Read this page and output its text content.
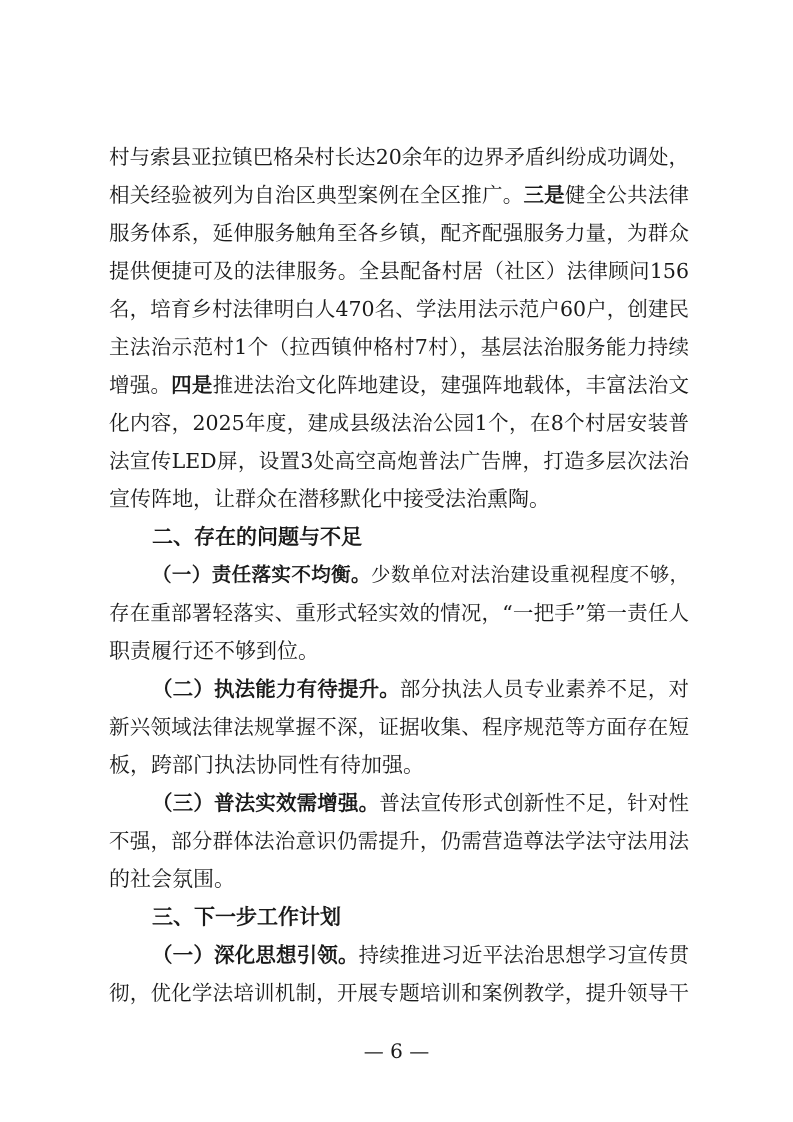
村与索县亚拉镇巴格朵村长达20余年的边界矛盾纠纷成功调处，
相关经验被列为自治区典型案例在全区推广。三是健全公共法律
服务体系，延伸服务触角至各乡镇，配齐配强服务力量，为群众
提供便捷可及的法律服务。全县配备村居（社区）法律顾问156
名，培育乡村法律明白人470名、学法用法示范户60户，创建民
主法治示范村1个（拉西镇仲格村7村），基层法治服务能力持续
增强。四是推进法治文化阵地建设，建强阵地载体，丰富法治文
化内容，2025年度，建成县级法治公园1个，在8个村居安装普
法宣传LED屏，设置3处高空高炮普法广告牌，打造多层次法治
宣传阵地，让群众在潜移默化中接受法治熏陶。
二、存在的问题与不足
（一）责任落实不均衡。少数单位对法治建设重视程度不够，
存在重部署轻落实、重形式轻实效的情况，“一把手”第一责任人
职责履行还不够到位。
（二）执法能力有待提升。部分执法人员专业素养不足，对
新兴领域法律法规掌握不深，证据收集、程序规范等方面存在短
板，跨部门执法协同性有待加强。
（三）普法实效需增强。普法宣传形式创新性不足，针对性
不强，部分群体法治意识仍需提升，仍需营造尊法学法守法用法
的社会氛围。
三、下一步工作计划
（一）深化思想引领。持续推进习近平法治思想学习宣传贯
彻，优化学法培训机制，开展专题培训和案例教学，提升领导干
— 6 —
